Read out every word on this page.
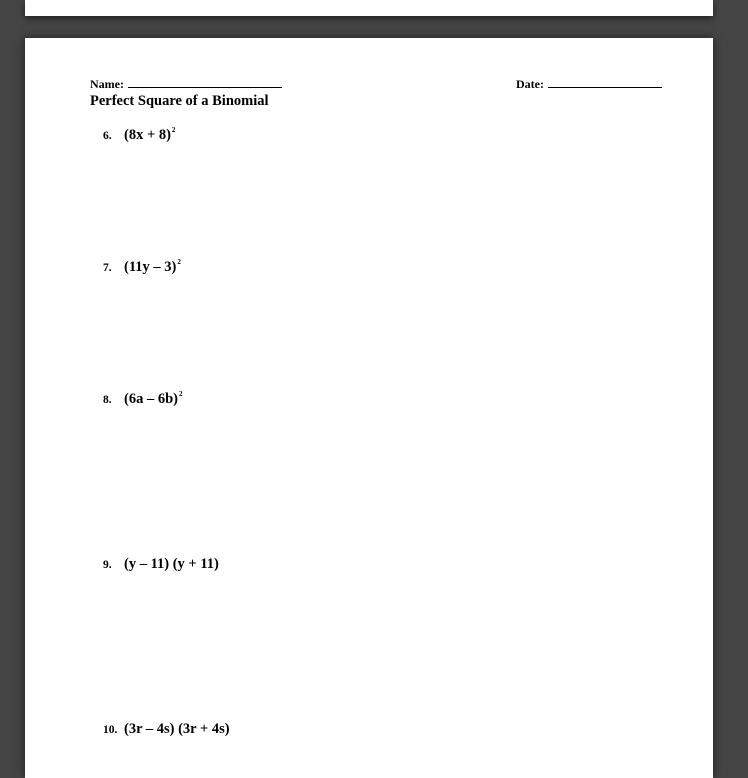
Name:	Date:
Perfect Square of a Binomial
6. $(8x + 8)^2$
7. (11y – 3)$^2$
8. (6a – 6b)$^2$
9. (y – 11) (y + 11)
10. (3r – 4s) (3r + 4s)
